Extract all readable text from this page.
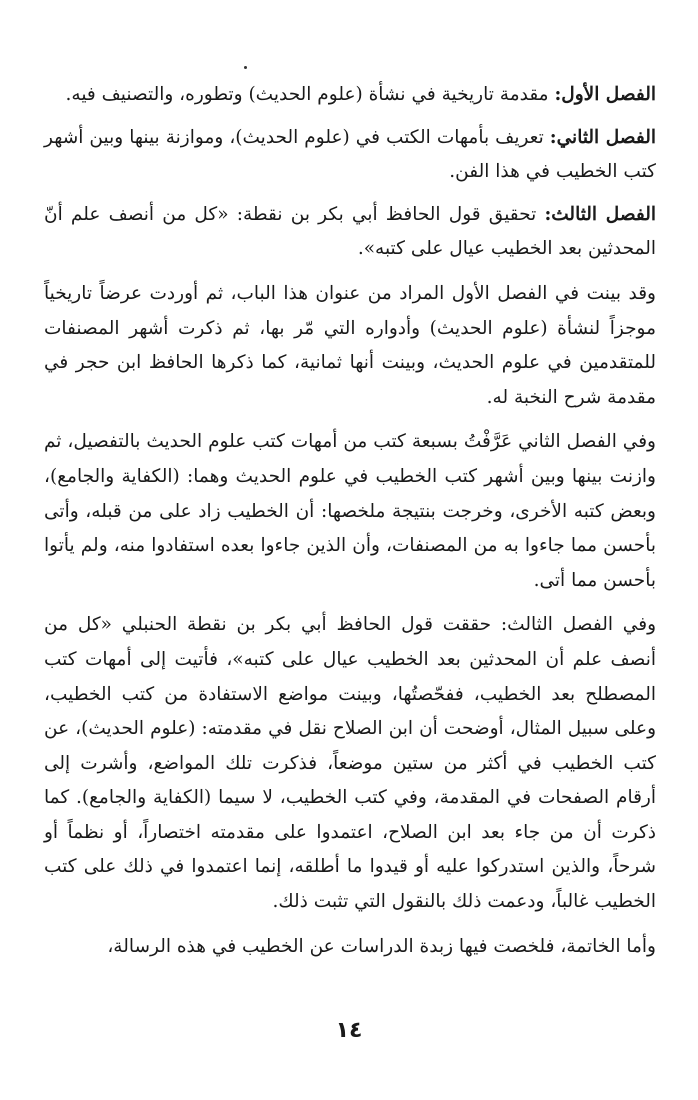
الفصل الأول: مقدمة تاريخية في نشأة (علوم الحديث) وتطوره، والتصنيف فيه.

الفصل الثاني: تعريف بأمهات الكتب في (علوم الحديث)، وموازنة بينها وبين أشهر كتب الخطيب في هذا الفن.

الفصل الثالث: تحقيق قول الحافظ أبي بكر بن نقطة: «كل من أنصف علم أنّ المحدثين بعد الخطيب عيال على كتبه».

وقد بينت في الفصل الأول المراد من عنوان هذا الباب، ثم أوردت عرضاً تاريخياً موجزاً لنشأة (علوم الحديث) وأدواره التي مّر بها، ثم ذكرت أشهر المصنفات للمتقدمين في علوم الحديث، وبينت أنها ثمانية، كما ذكرها الحافظ ابن حجر في مقدمة شرح النخبة له.

وفي الفصل الثاني عَرَّفْتُ بسبعة كتب من أمهات كتب علوم الحديث بالتفصيل، ثم وازنت بينها وبين أشهر كتب الخطيب في علوم الحديث وهما: (الكفاية والجامع)، وبعض كتبه الأخرى، وخرجت بنتيجة ملخصها: أن الخطيب زاد على من قبله، وأتى بأحسن مما جاءوا به من المصنفات، وأن الذين جاءوا بعده استفادوا منه، ولم يأتوا بأحسن مما أتى.

وفي الفصل الثالث: حققت قول الحافظ أبي بكر بن نقطة الحنبلي «كل من أنصف علم أن المحدثين بعد الخطيب عيال على كتبه»، فأتيت إلى أمهات كتب المصطلح بعد الخطيب، ففحّصتُها، وبينت مواضع الاستفادة من كتب الخطيب، وعلى سبيل المثال، أوضحت أن ابن الصلاح نقل في مقدمته: (علوم الحديث)، عن كتب الخطيب في أكثر من ستين موضعاً، فذكرت تلك المواضع، وأشرت إلى أرقام الصفحات في المقدمة، وفي كتب الخطيب، لا سيما (الكفاية والجامع). كما ذكرت أن من جاء بعد ابن الصلاح، اعتمدوا على مقدمته اختصاراً، أو نظماً أو شرحاً، والذين استدركوا عليه أو قيدوا ما أطلقه، إنما اعتمدوا في ذلك على كتب الخطيب غالباً، ودعمت ذلك بالنقول التي تثبت ذلك.

وأما الخاتمة، فلخصت فيها زبدة الدراسات عن الخطيب في هذه الرسالة،

١٤
